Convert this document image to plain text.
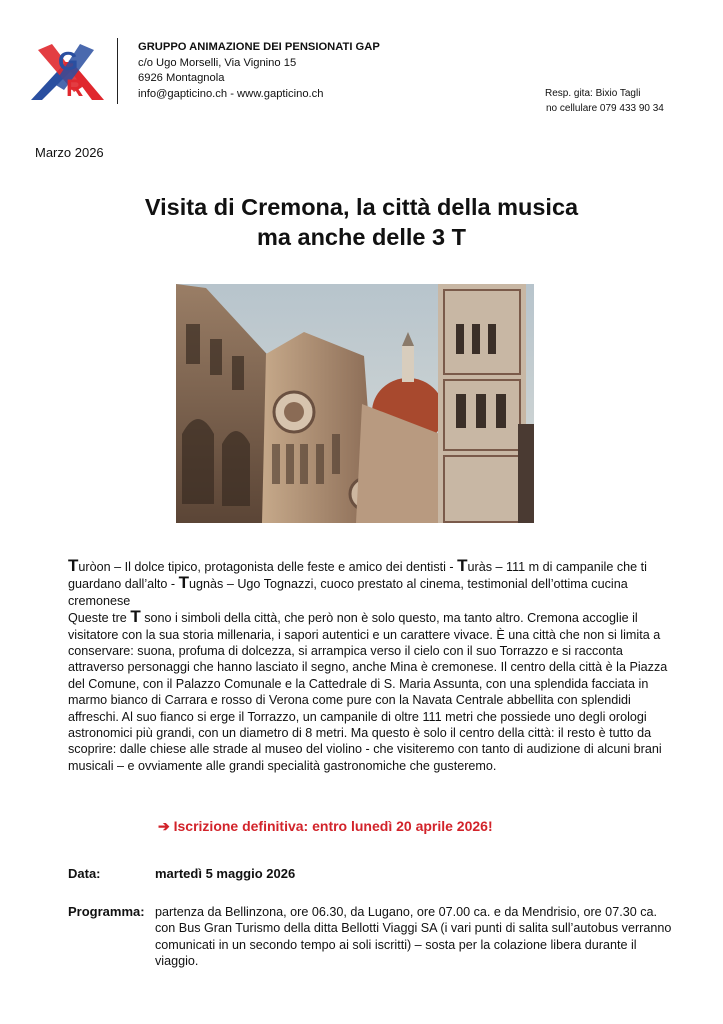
G
R
GRUPPO ANIMAZIONE DEI PENSIONATI GAP
c/o Ugo Morselli, Via Vignino 15
6926 Montagnola
info@gapticino.ch - www.gapticino.ch	Resp. gita: Bixio Tagli
no cellulare 079 433 90 34
Marzo 2026
Visita di Cremona, la città della musica
ma anche delle 3 T

Turòon – Il dolce tipico, protagonista delle feste e amico dei dentisti - Turàs – 111 m di campanile che ti guardano dall’alto - Tugnàs – Ugo Tognazzi, cuoco prestato al cinema, testimonial dell’ottima cucina cremonese

Queste tre T sono i simboli della città, che però non è solo questo, ma tanto altro. Cremona accoglie il visitatore con la sua storia millenaria, i sapori autentici e un carattere vivace. È una città che non si limita a conservare: suona, profuma di dolcezza, si arrampica verso il cielo con il suo Torrazzo e si racconta attraverso personaggi che hanno lasciato il segno, anche Mina è cremonese. Il centro della città è la Piazza del Comune, con il Palazzo Comunale e la Cattedrale di S. Maria Assunta, con una splendida facciata in marmo bianco di Carrara e rosso di Verona come pure con la Navata Centrale abbellita con splendidi affreschi. Al suo fianco si erge il Torrazzo, un campanile di oltre 111 metri che possiede uno degli orologi astronomici più grandi, con un diametro di 8 metri. Ma questo è solo il centro della città: il resto è tutto da scoprire: dalle chiese alle strade al museo del violino - che visiteremo con tanto di audizione di alcuni brani musicali – e ovviamente alle grandi specialità gastronomiche che gusteremo.

➔ Iscrizione definitiva: entro lunedì 20 aprile 2026!
Data:	martedì 5 maggio 2026
Programma: partenza da Bellinzona, ore 06.30, da Lugano, ore 07.00 ca. e da Mendrisio, ore 07.30 ca. con Bus Gran Turismo della ditta Bellotti Viaggi SA (i vari punti di salita sull’autobus verranno comunicati in un secondo tempo ai soli iscritti) – sosta per la colazione libera durante il viaggio.
